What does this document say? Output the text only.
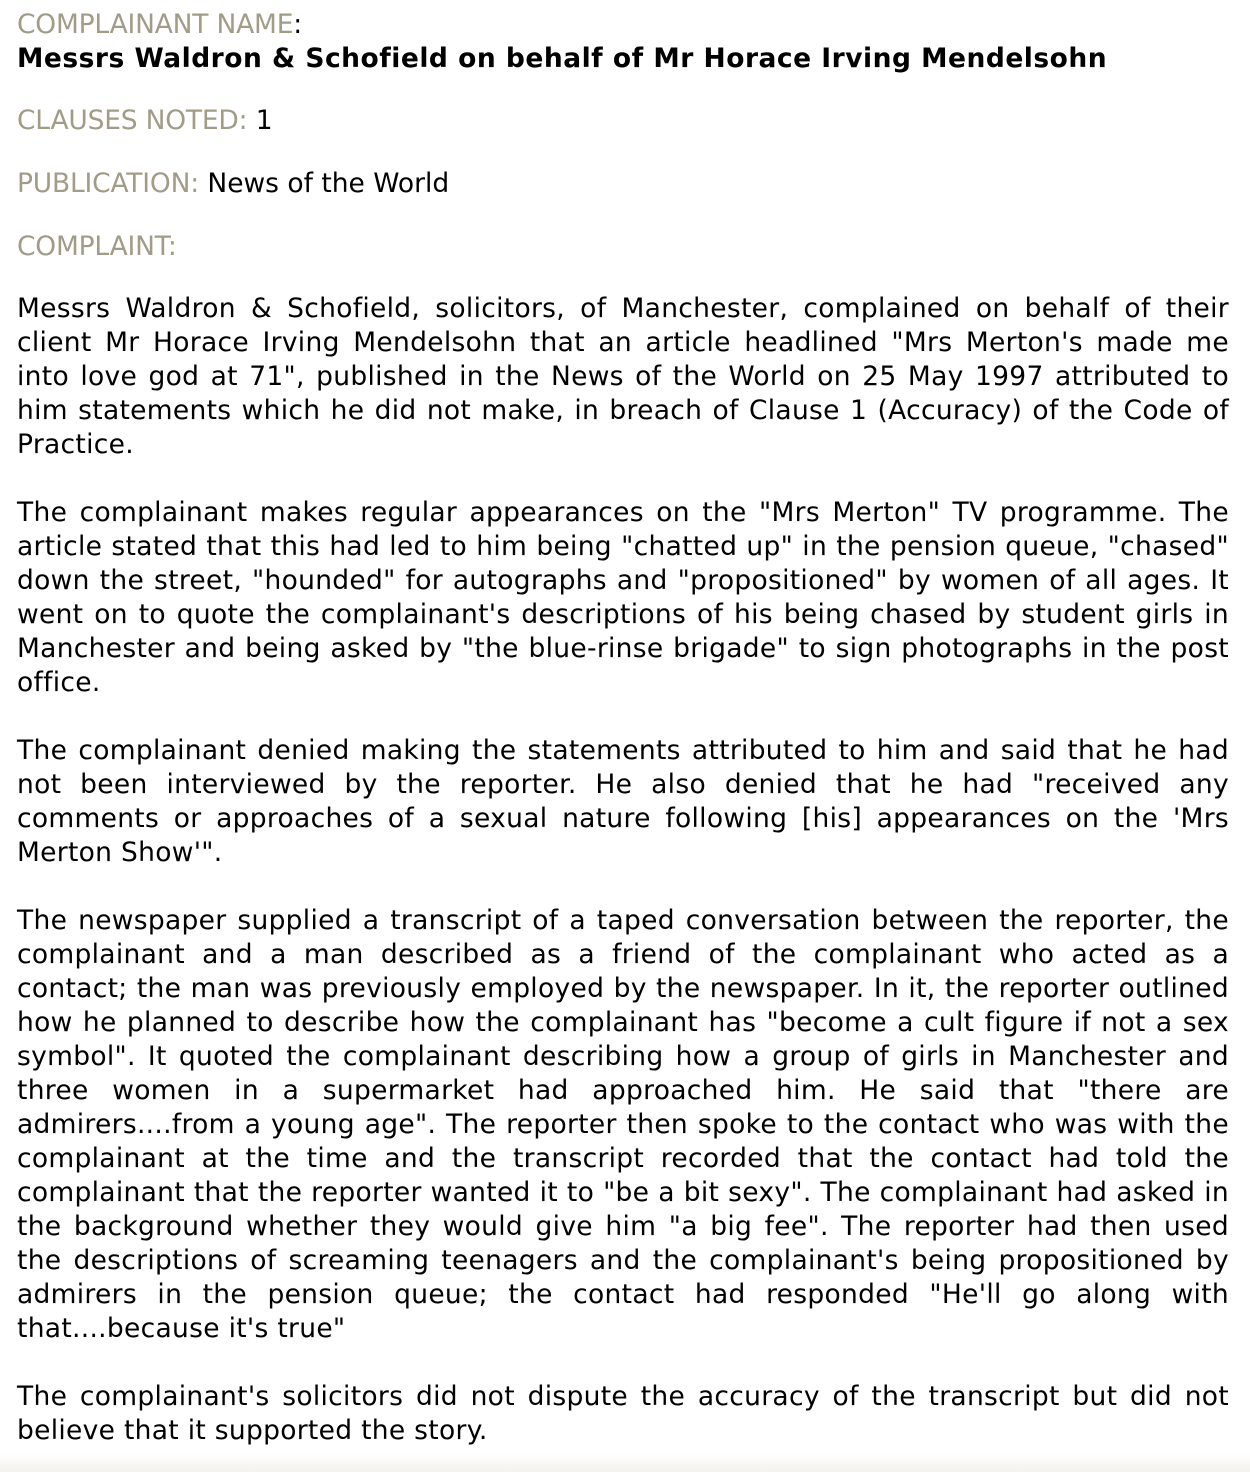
COMPLAINANT NAME:
Messrs Waldron & Schofield on behalf of Mr Horace Irving Mendelsohn
CLAUSES NOTED: 1
PUBLICATION: News of the World
COMPLAINT:

Messrs Waldron & Schofield, solicitors, of Manchester, complained on behalf of their client Mr Horace Irving Mendelsohn that an article headlined "Mrs Merton's made me into love god at 71", published in the News of the World on 25 May 1997 attributed to him statements which he did not make, in breach of Clause 1 (Accuracy) of the Code of Practice.

The complainant makes regular appearances on the "Mrs Merton" TV programme. The article stated that this had led to him being "chatted up" in the pension queue, "chased" down the street, "hounded" for autographs and "propositioned" by women of all ages. It went on to quote the complainant's descriptions of his being chased by student girls in Manchester and being asked by "the blue-rinse brigade" to sign photographs in the post office.

The complainant denied making the statements attributed to him and said that he had not been interviewed by the reporter. He also denied that he had "received any comments or approaches of a sexual nature following [his] appearances on the 'Mrs Merton Show'".

The newspaper supplied a transcript of a taped conversation between the reporter, the complainant and a man described as a friend of the complainant who acted as a contact; the man was previously employed by the newspaper. In it, the reporter outlined how he planned to describe how the complainant has "become a cult figure if not a sex symbol". It quoted the complainant describing how a group of girls in Manchester and three women in a supermarket had approached him. He said that "there are admirers....from a young age". The reporter then spoke to the contact who was with the complainant at the time and the transcript recorded that the contact had told the complainant that the reporter wanted it to "be a bit sexy". The complainant had asked in the background whether they would give him "a big fee". The reporter had then used the descriptions of screaming teenagers and the complainant's being propositioned by admirers in the pension queue; the contact had responded "He'll go along with that....because it's true"

The complainant's solicitors did not dispute the accuracy of the transcript but did not believe that it supported the story.
